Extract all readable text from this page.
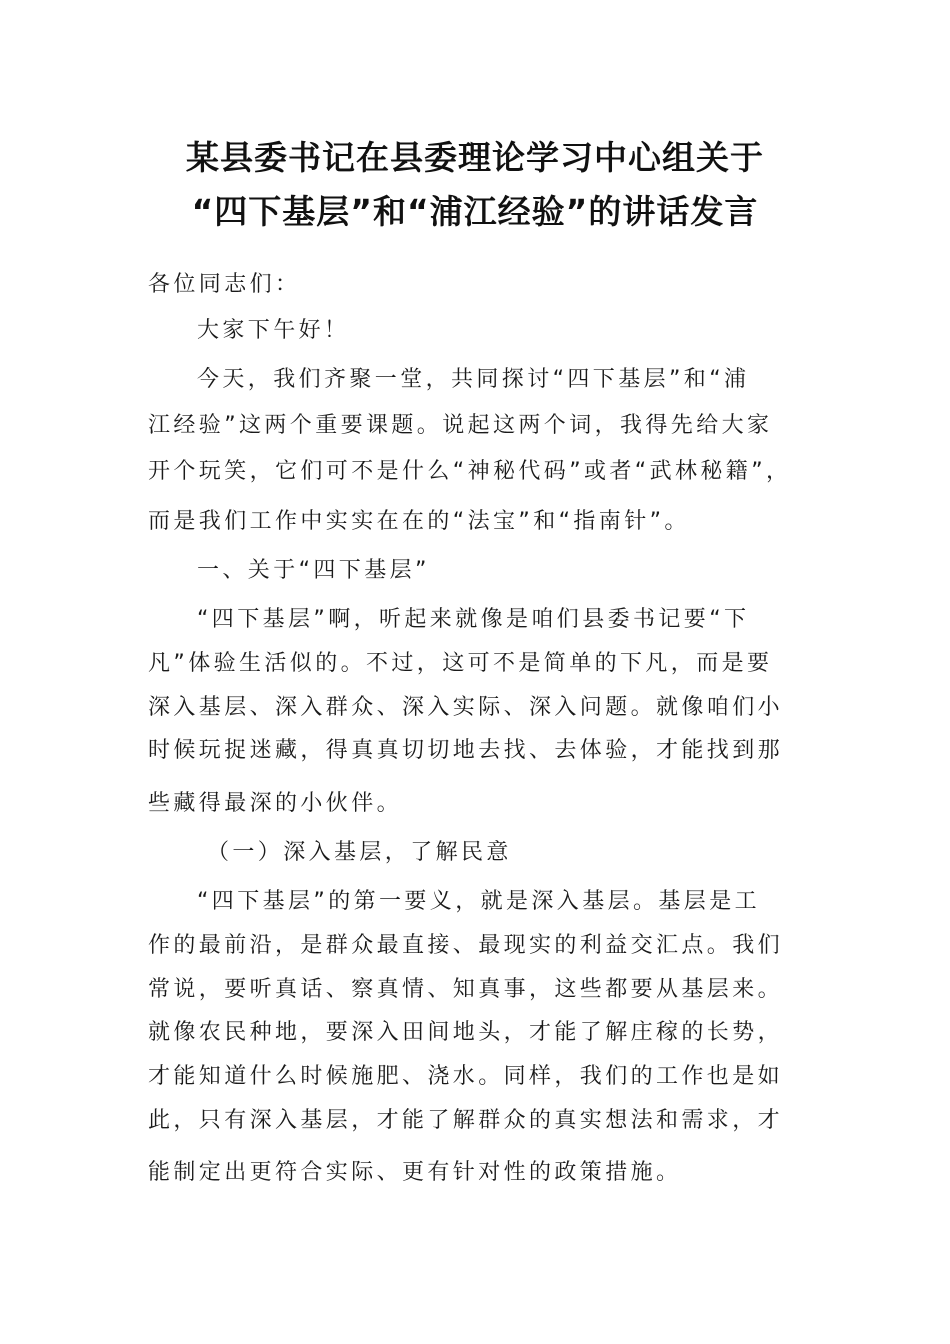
某县委书记在县委理论学习中心组关于
“四下基层”和“浦江经验”的讲话发言

各位同志们：

大家下午好！

今天，我们齐聚一堂，共同探讨“四下基层”和“浦

江经验”这两个重要课题。说起这两个词，我得先给大家

开个玩笑，它们可不是什么“神秘代码”或者“武林秘籍”，

而是我们工作中实实在在的“法宝”和“指南针”。

一、关于“四下基层”

“四下基层”啊，听起来就像是咱们县委书记要“下

凡”体验生活似的。不过，这可不是简单的下凡，而是要

深入基层、深入群众、深入实际、深入问题。就像咱们小

时候玩捉迷藏，得真真切切地去找、去体验，才能找到那

些藏得最深的小伙伴。

（一）深入基层，了解民意

“四下基层”的第一要义，就是深入基层。基层是工

作的最前沿，是群众最直接、最现实的利益交汇点。我们

常说，要听真话、察真情、知真事，这些都要从基层来。

就像农民种地，要深入田间地头，才能了解庄稼的长势，

才能知道什么时候施肥、浇水。同样，我们的工作也是如

此，只有深入基层，才能了解群众的真实想法和需求，才

能制定出更符合实际、更有针对性的政策措施。
